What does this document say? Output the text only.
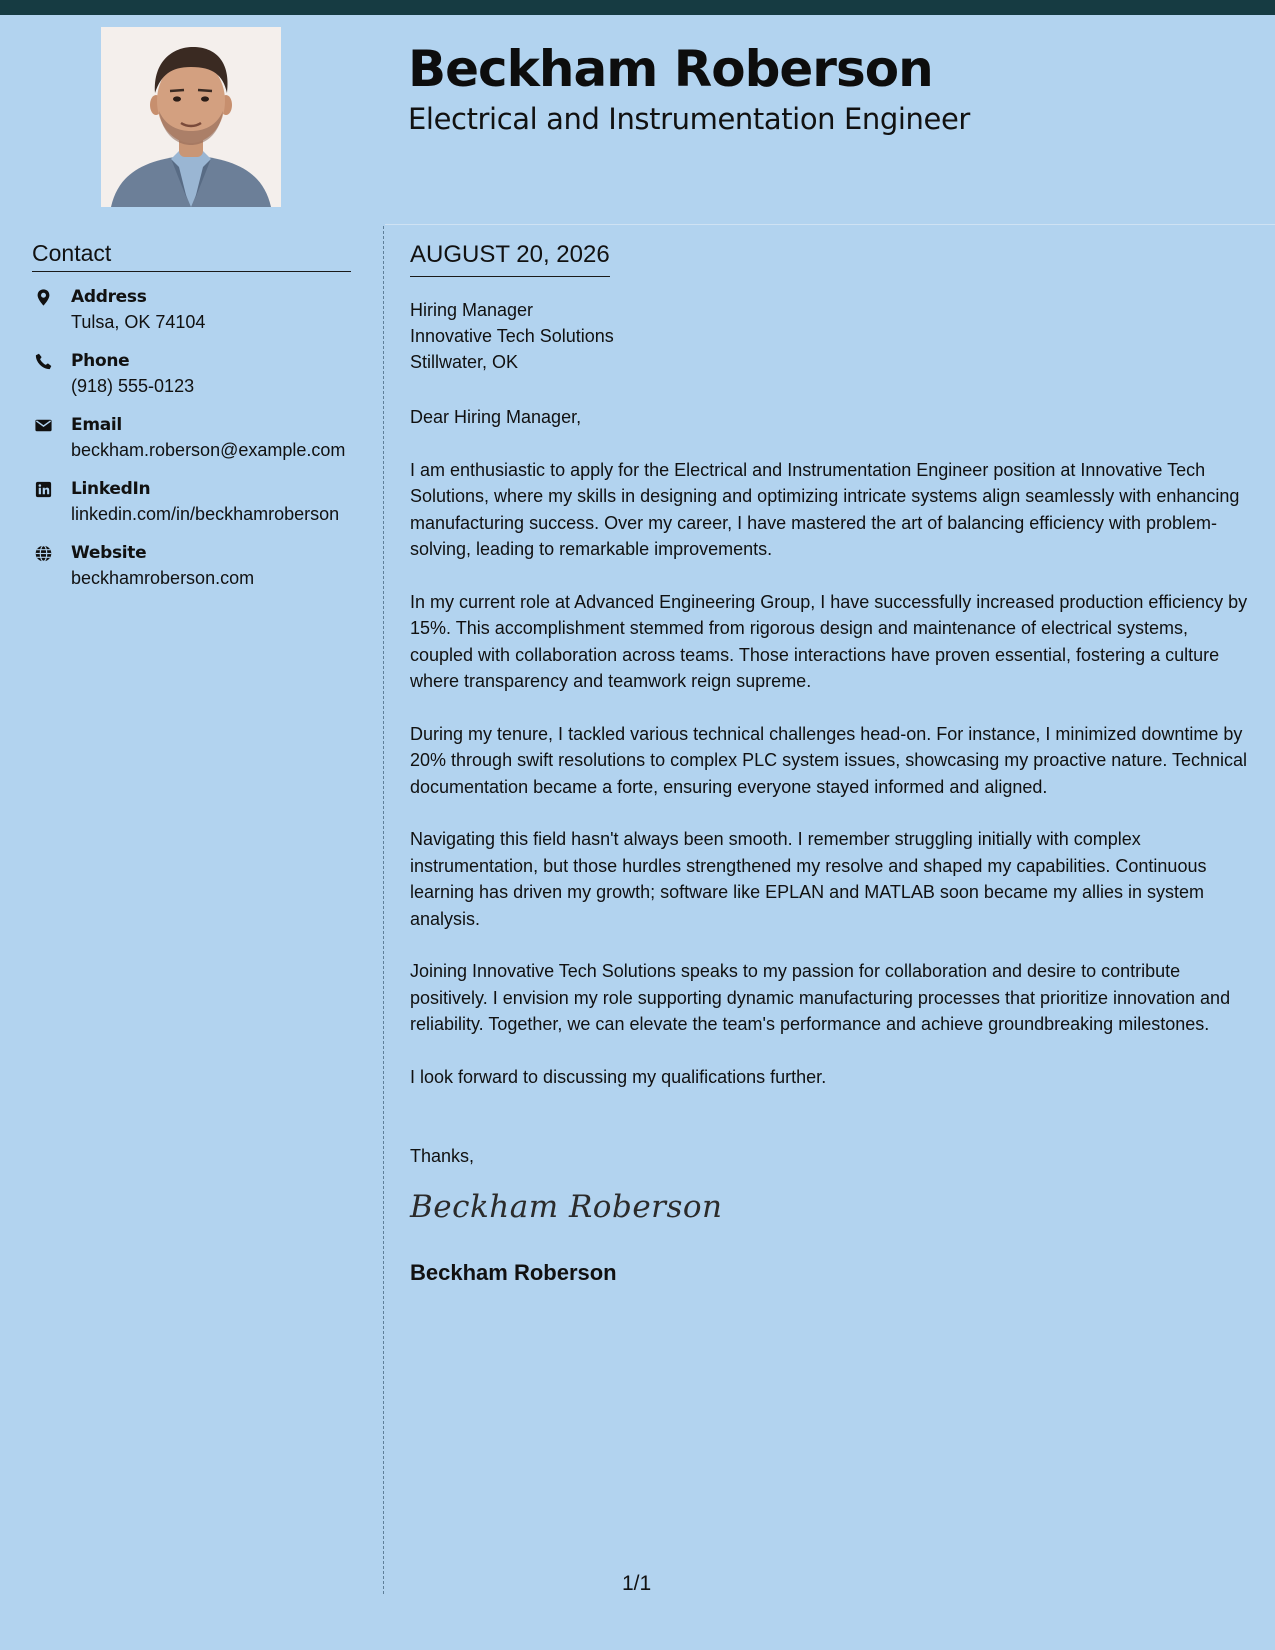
Beckham Roberson
Electrical and Instrumentation Engineer
Contact
Address
Tulsa, OK 74104
Phone
(918) 555-0123
Email
beckham.roberson@example.com
LinkedIn
linkedin.com/in/beckhamroberson
Website
beckhamroberson.com
AUGUST 20, 2026
Hiring Manager
Innovative Tech Solutions
Stillwater, OK

Dear Hiring Manager,

I am enthusiastic to apply for the Electrical and Instrumentation Engineer position at Innovative Tech Solutions, where my skills in designing and optimizing intricate systems align seamlessly with enhancing manufacturing success. Over my career, I have mastered the art of balancing efficiency with problem-solving, leading to remarkable improvements.

In my current role at Advanced Engineering Group, I have successfully increased production efficiency by 15%. This accomplishment stemmed from rigorous design and maintenance of electrical systems, coupled with collaboration across teams. Those interactions have proven essential, fostering a culture where transparency and teamwork reign supreme.

During my tenure, I tackled various technical challenges head-on. For instance, I minimized downtime by 20% through swift resolutions to complex PLC system issues, showcasing my proactive nature. Technical documentation became a forte, ensuring everyone stayed informed and aligned.

Navigating this field hasn't always been smooth. I remember struggling initially with complex instrumentation, but those hurdles strengthened my resolve and shaped my capabilities. Continuous learning has driven my growth; software like EPLAN and MATLAB soon became my allies in system analysis.

Joining Innovative Tech Solutions speaks to my passion for collaboration and desire to contribute positively. I envision my role supporting dynamic manufacturing processes that prioritize innovation and reliability. Together, we can elevate the team's performance and achieve groundbreaking milestones.

I look forward to discussing my qualifications further.

Thanks,

Beckham Roberson
Beckham Roberson
1/1
